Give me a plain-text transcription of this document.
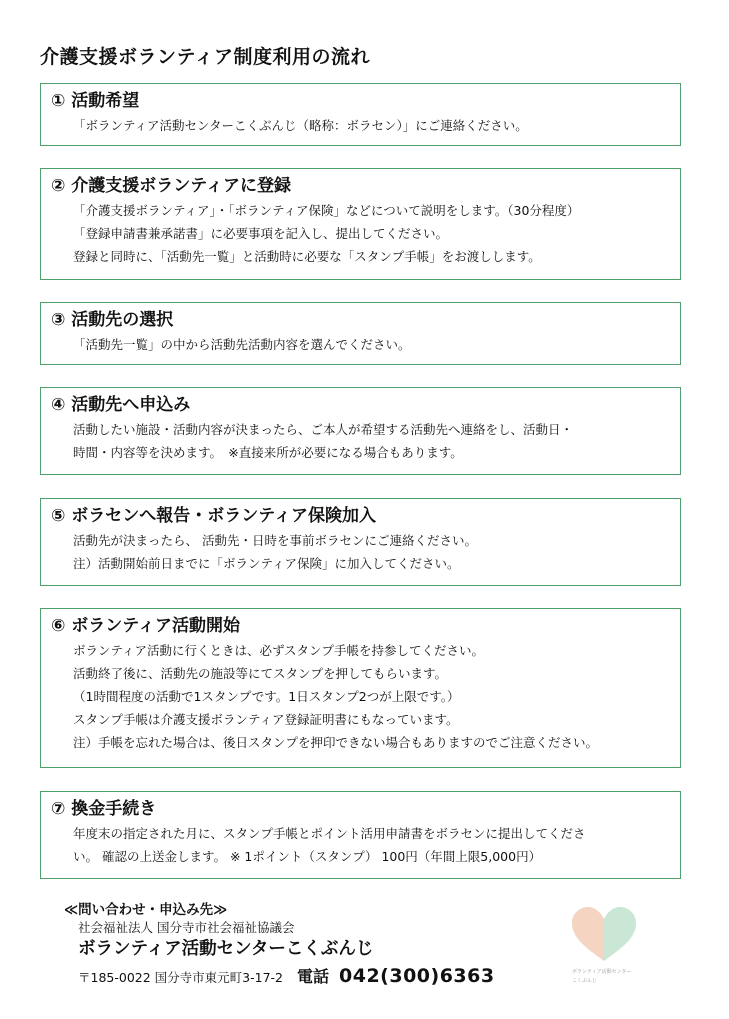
介護支援ボランティア制度利用の流れ
① 活動希望
「ボランティア活動センターこくぶんじ（略称：ボラセン）」にご連絡ください。
② 介護支援ボランティアに登録
「介護支援ボランティア」・「ボランティア保険」などについて説明をします。（30分程度）
「登録申請書兼承諾書」に必要事項を記入し、提出してください。
登録と同時に、「活動先一覧」と活動時に必要な「スタンプ手帳」をお渡しします。
③ 活動先の選択
「活動先一覧」の中から活動先活動内容を選んでください。
④ 活動先へ申込み
活動したい施設・活動内容が決まったら、ご本人が希望する活動先へ連絡をし、活動日・
時間・内容等を決めます。　※直接来所が必要になる場合もあります。
⑤ ボラセンへ報告・ボランティア保険加入
活動先が決まったら、 活動先・日時を事前ボラセンにご連絡ください。
注）活動開始前日までに「ボランティア保険」に加入してください。
⑥ ボランティア活動開始
ボランティア活動に行くときは、必ずスタンプ手帳を持参してください。
活動終了後に、活動先の施設等にてスタンプを押してもらいます。
（1時間程度の活動で1スタンプです。1日スタンプ2つが上限です。）
スタンプ手帳は介護支援ボランティア登録証明書にもなっています。
注）手帳を忘れた場合は、後日スタンプを押印できない場合もありますのでご注意ください。
⑦ 換金手続き
年度末の指定された月に、スタンプ手帳とポイント活用申請書をボラセンに提出してくださ
い。 確認の上送金します。 ※ 1ポイント（スタンプ） 100円（年間上限5,000円）
≪問い合わせ・申込み先≫
社会福祉法人 国分寺市社会福祉協議会
ボランティア活動センターこくぶんじ
〒185-0022 国分寺市東元町3-17-2 電話 042(300)6363	ボランティア活動センター
こくぶんじ
